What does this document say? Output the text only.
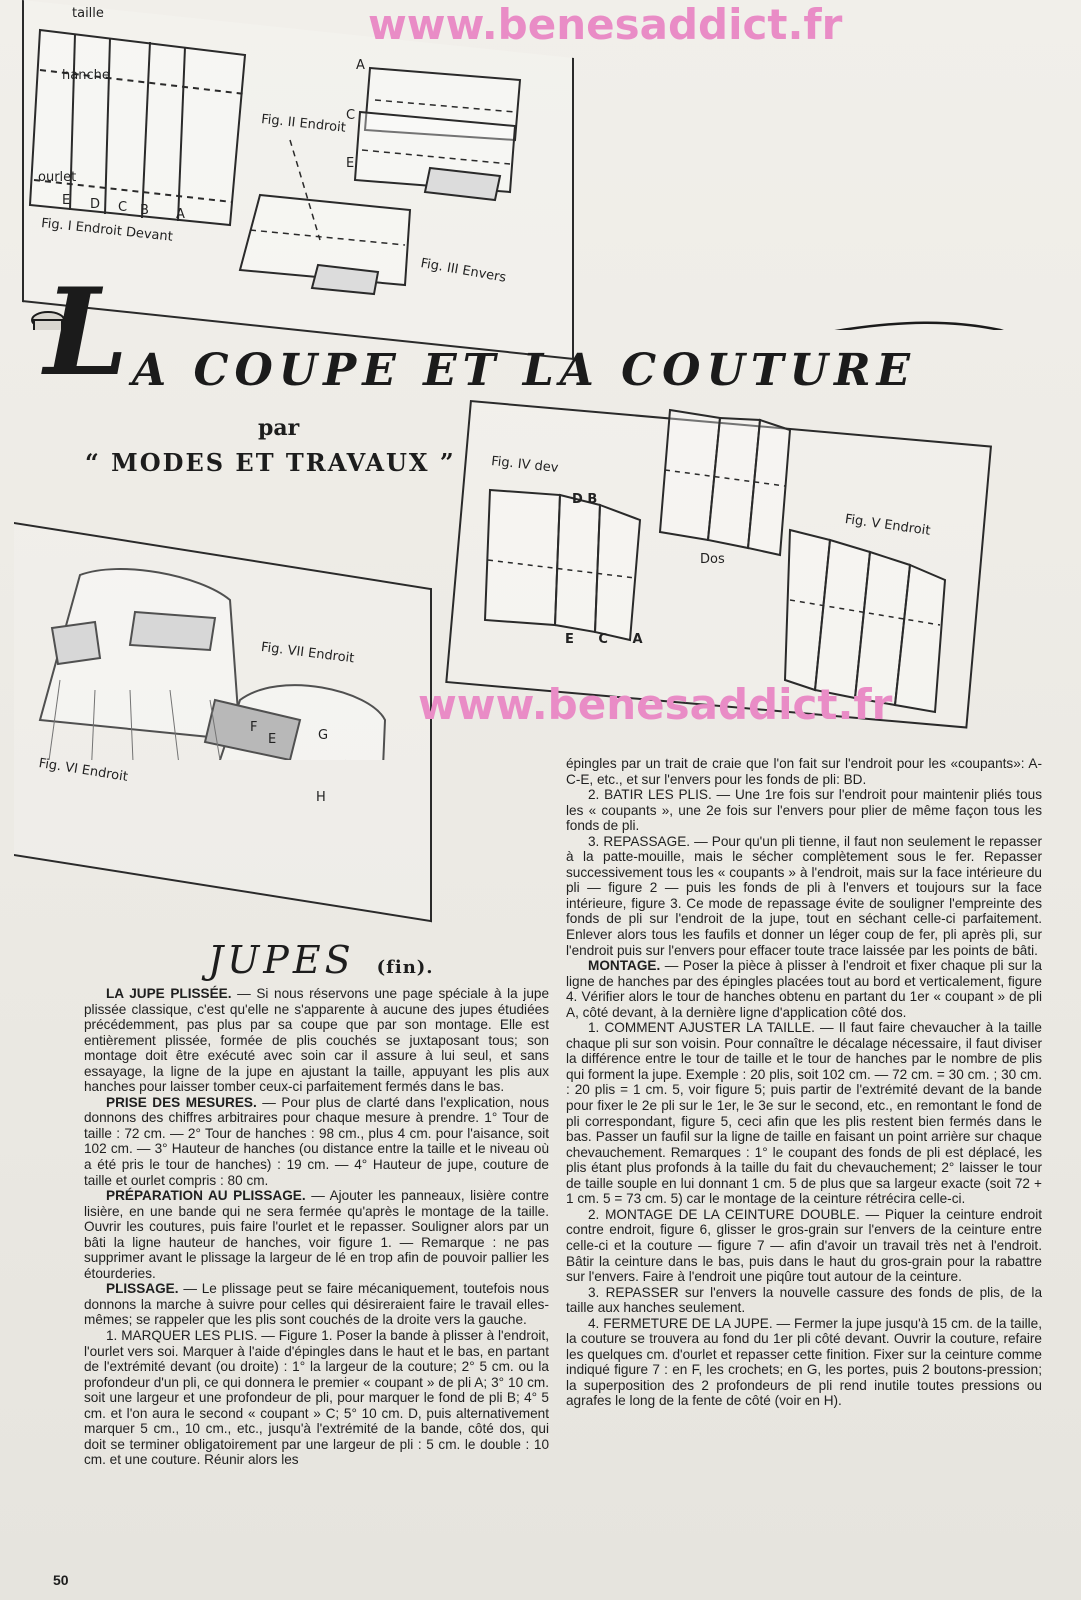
taille
hanche
ourlet
E D C B A
Fig. I Endroit Devant
Fig. II Endroit
A
C
E
Fig. III Envers
www.benesaddict.fr
L A COUPE ET LA COUTURE
par
“ MODES ET TRAVAUX ”	Fig. IV dev
D B
E C A
Dos
Fig. V Endroit
Fig. VII Endroit
Fig. VI Endroit
F
E	G
H
www.benesaddict.fr
JUPES (fin).

LA JUPE PLISSÉE. — Si nous réservons une page spéciale à la jupe plissée classique, c'est qu'elle ne s'apparente à aucune des jupes étudiées précédemment, pas plus par sa coupe que par son montage. Elle est entièrement plissée, formée de plis couchés se juxtaposant tous; son montage doit être exécuté avec soin car il assure à lui seul, et sans essayage, la ligne de la jupe en ajustant la taille, appuyant les plis aux hanches pour laisser tomber ceux-ci parfaitement fermés dans le bas.

PRISE DES MESURES. — Pour plus de clarté dans l'explication, nous donnons des chiffres arbitraires pour chaque mesure à prendre. 1° Tour de taille : 72 cm. — 2° Tour de hanches : 98 cm., plus 4 cm. pour l'aisance, soit 102 cm. — 3° Hauteur de hanches (ou distance entre la taille et le niveau où a été pris le tour de hanches) : 19 cm. — 4° Hauteur de jupe, couture de taille et ourlet compris : 80 cm.

PRÉPARATION AU PLISSAGE. — Ajouter les panneaux, lisière contre lisière, en une bande qui ne sera fermée qu'après le montage de la taille. Ouvrir les coutures, puis faire l'ourlet et le repasser. Souligner alors par un bâti la ligne hauteur de hanches, voir figure 1. — Remarque : ne pas supprimer avant le plissage la largeur de lé en trop afin de pouvoir pallier les étourderies.

PLISSAGE. — Le plissage peut se faire mécaniquement, toutefois nous donnons la marche à suivre pour celles qui désireraient faire le travail elles-mêmes; se rappeler que les plis sont couchés de la droite vers la gauche.

1. MARQUER LES PLIS. — Figure 1. Poser la bande à plisser à l'endroit, l'ourlet vers soi. Marquer à l'aide d'épingles dans le haut et le bas, en partant de l'extrémité devant (ou droite) : 1° la largeur de la couture; 2° 5 cm. ou la profondeur d'un pli, ce qui donnera le premier « coupant » de pli A; 3° 10 cm. soit une largeur et une profondeur de pli, pour marquer le fond de pli B; 4° 5 cm. et l'on aura le second « coupant » C; 5° 10 cm. D, puis alternativement marquer 5 cm., 10 cm., etc., jusqu'à l'extrémité de la bande, côté dos, qui doit se terminer obligatoirement par une largeur de pli : 5 cm. le double : 10 cm. et une couture. Réunir alors les

épingles par un trait de craie que l'on fait sur l'endroit pour les «coupants»: A-C-E, etc., et sur l'envers pour les fonds de pli: BD.

2. BATIR LES PLIS. — Une 1re fois sur l'endroit pour maintenir pliés tous les « coupants », une 2e fois sur l'envers pour plier de même façon tous les fonds de pli.

3. REPASSAGE. — Pour qu'un pli tienne, il faut non seulement le repasser à la patte-mouille, mais le sécher complètement sous le fer. Repasser successivement tous les « coupants » à l'endroit, mais sur la face intérieure du pli — figure 2 — puis les fonds de pli à l'envers et toujours sur la face intérieure, figure 3. Ce mode de repassage évite de souligner l'empreinte des fonds de pli sur l'endroit de la jupe, tout en séchant celle-ci parfaitement. Enlever alors tous les faufils et donner un léger coup de fer, pli après pli, sur l'endroit puis sur l'envers pour effacer toute trace laissée par les points de bâti.

MONTAGE. — Poser la pièce à plisser à l'endroit et fixer chaque pli sur la ligne de hanches par des épingles placées tout au bord et verticalement, figure 4. Vérifier alors le tour de hanches obtenu en partant du 1er « coupant » de pli A, côté devant, à la dernière ligne d'application côté dos.

1. COMMENT AJUSTER LA TAILLE. — Il faut faire chevaucher à la taille chaque pli sur son voisin. Pour connaître le décalage nécessaire, il faut diviser la différence entre le tour de taille et le tour de hanches par le nombre de plis qui forment la jupe. Exemple : 20 plis, soit 102 cm. — 72 cm. = 30 cm. ; 30 cm. : 20 plis = 1 cm. 5, voir figure 5; puis partir de l'extrémité devant de la bande pour fixer le 2e pli sur le 1er, le 3e sur le second, etc., en remontant le fond de pli correspondant, figure 5, ceci afin que les plis restent bien fermés dans le bas. Passer un faufil sur la ligne de taille en faisant un point arrière sur chaque chevauchement. Remarques : 1° le coupant des fonds de pli est déplacé, les plis étant plus profonds à la taille du fait du chevauchement; 2° laisser le tour de taille souple en lui donnant 1 cm. 5 de plus que sa largeur exacte (soit 72 + 1 cm. 5 = 73 cm. 5) car le montage de la ceinture rétrécira celle-ci.

2. MONTAGE DE LA CEINTURE DOUBLE. — Piquer la ceinture endroit contre endroit, figure 6, glisser le gros-grain sur l'envers de la ceinture entre celle-ci et la couture — figure 7 — afin d'avoir un travail très net à l'endroit. Bâtir la ceinture dans le bas, puis dans le haut du gros-grain pour la rabattre sur l'envers. Faire à l'endroit une piqûre tout autour de la ceinture.

3. REPASSER sur l'envers la nouvelle cassure des fonds de plis, de la taille aux hanches seulement.

4. FERMETURE DE LA JUPE. — Fermer la jupe jusqu'à 15 cm. de la taille, la couture se trouvera au fond du 1er pli côté devant. Ouvrir la couture, refaire les quelques cm. d'ourlet et repasser cette finition. Fixer sur la ceinture comme indiqué figure 7 : en F, les crochets; en G, les portes, puis 2 boutons-pression; la superposition des 2 profondeurs de pli rend inutile toutes pressions ou agrafes le long de la fente de côté (voir en H).

50
